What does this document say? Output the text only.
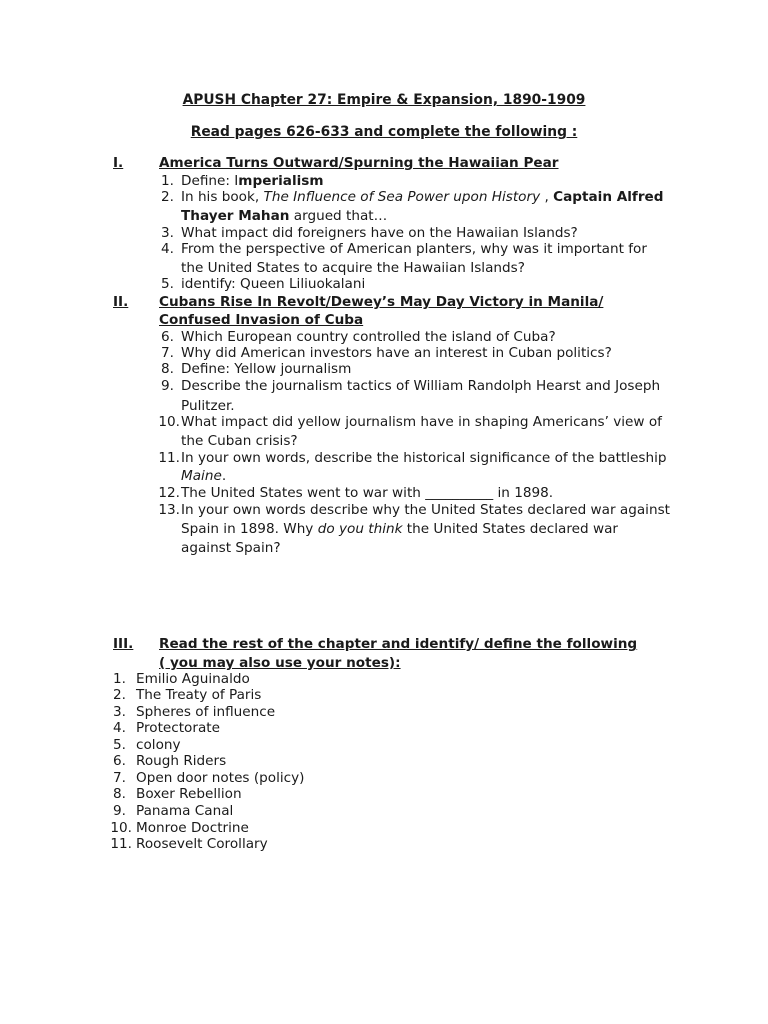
APUSH Chapter 27: Empire & Expansion, 1890-1909
Read pages 626-633 and complete the following :
I.	America Turns Outward/Spurning the Hawaiian Pear
1. Define: Imperialism
2. In his book, The Influence of Sea Power upon History , Captain Alfred
Thayer Mahan argued that…
3. What impact did foreigners have on the Hawaiian Islands?
4. From the perspective of American planters, why was it important for
the United States to acquire the Hawaiian Islands?
5. identify: Queen Liliuokalani
II. Cubans Rise In Revolt/Dewey’s May Day Victory in Manila/
Confused Invasion of Cuba
6. Which European country controlled the island of Cuba?
7. Why did American investors have an interest in Cuban politics?
8. Define: Yellow journalism
9. Describe the journalism tactics of William Randolph Hearst and Joseph
Pulitzer.
10. What impact did yellow journalism have in shaping Americans’ view of
the Cuban crisis?
11. In your own words, describe the historical significance of the battleship
Maine.
12. The United States went to war with __________ in 1898.
13. In your own words describe why the United States declared war against
Spain in 1898. Why do you think the United States declared war
against Spain?
III. Read the rest of the chapter and identify/ define the following
( you may also use your notes):
1. Emilio Aguinaldo
2. The Treaty of Paris
3. Spheres of influence
4. Protectorate
5. colony
6. Rough Riders
7. Open door notes (policy)
8. Boxer Rebellion
9. Panama Canal
10. Monroe Doctrine
11. Roosevelt Corollary
